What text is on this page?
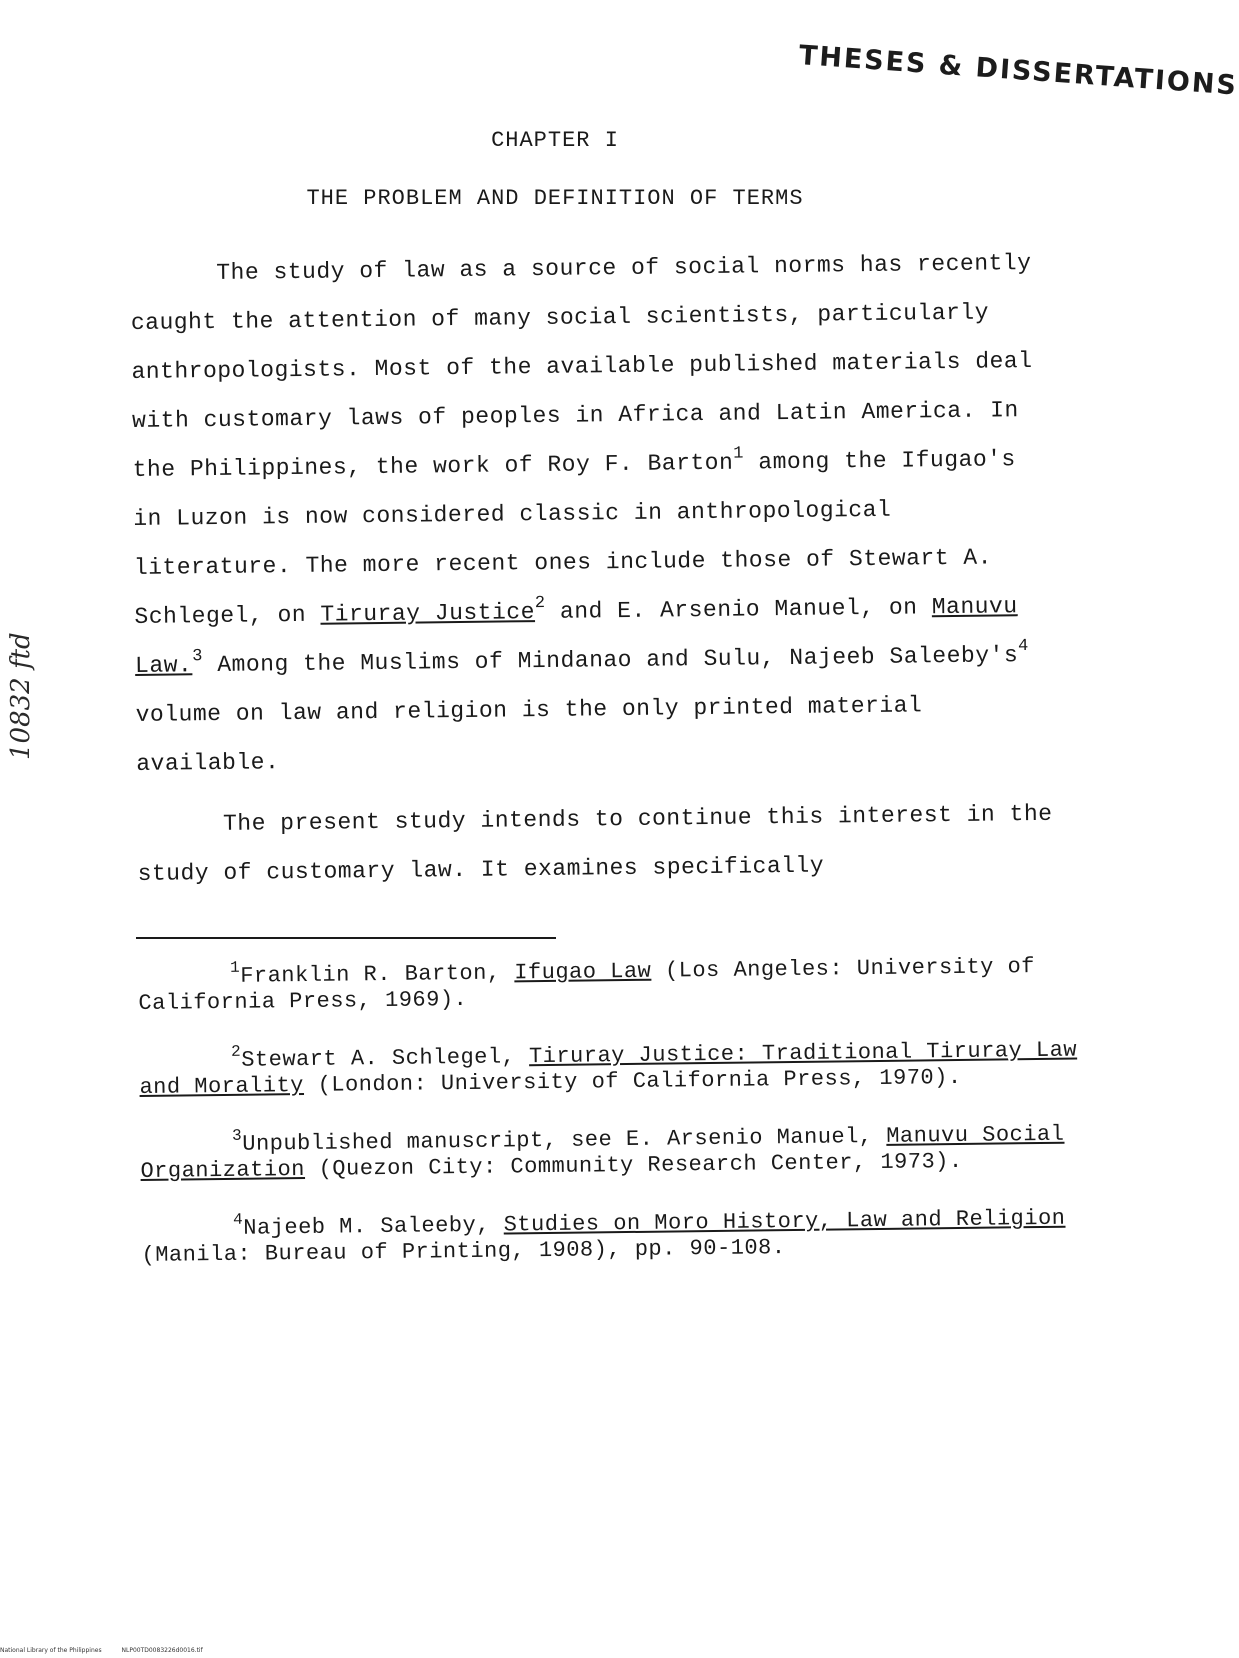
THESES & DISSERTATIONS
10832 ftd
CHAPTER I
THE PROBLEM AND DEFINITION OF TERMS

The study of law as a source of social norms has recently caught the attention of many social scientists, particularly anthropologists. Most of the available published materials deal with customary laws of peoples in Africa and Latin America. In the Philippines, the work of Roy F. Barton$^1$ among the Ifugao's in Luzon is now considered classic in anthropological literature. The more recent ones include those of Stewart A. Schlegel, on Tiruray Justice$^2$ and E. Arsenio Manuel, on Manuvu Law.$^3$ Among the Muslims of Mindanao and Sulu, Najeeb $Saleeby's^4$ volume on law and religion is the only printed material available.

The present study intends to continue this interest in the study of customary law. It examines specifically

$^1$Franklin R. Barton, Ifugao Law (Los Angeles: University of California Press, 1969).

$^2$Stewart A. Schlegel, Tiruray Justice: Traditional Tiruray Law and Morality (London: University of California Press, 1970).

$^3$Unpublished manuscript, see E. Arsenio Manuel, Manuvu Social Organization (Quezon City: Community Research Center, 1973).

$^4$Najeeb M. Saleeby, Studies on Moro History, Law and Religion (Manila: Bureau of Printing, 1908), pp. 90-108.

National Library of the Philippines	NLP00TD0083226d0016.tif
